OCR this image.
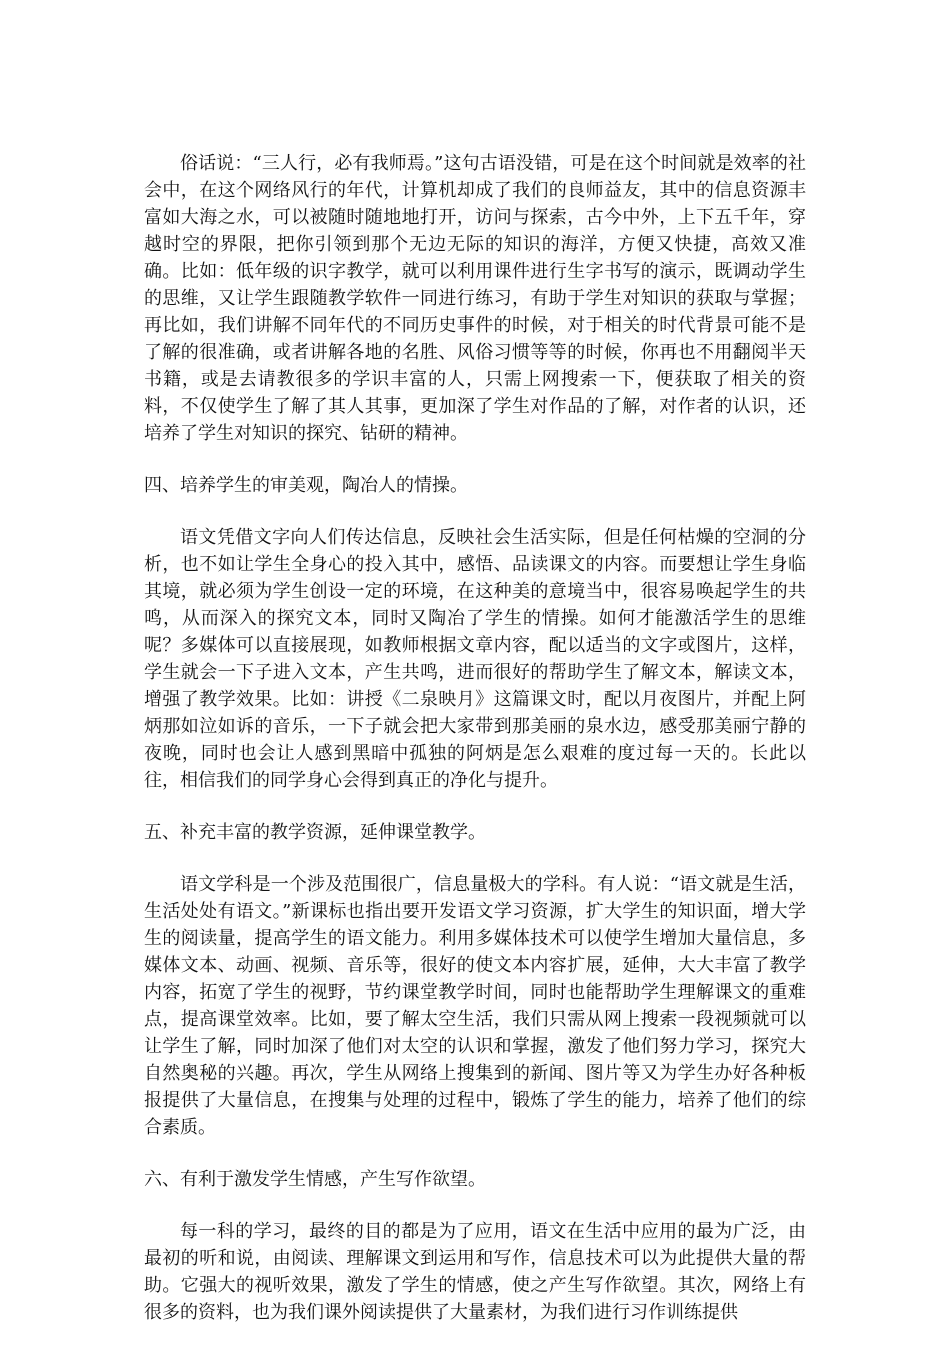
俗话说：“三人行，必有我师焉。”这句古语没错，可是在这个时间就是效率的社会中，在这个网络风行的年代，计算机却成了我们的良师益友，其中的信息资源丰富如大海之水，可以被随时随地地打开，访问与探索，古今中外，上下五千年，穿越时空的界限，把你引领到那个无边无际的知识的海洋，方便又快捷，高效又准确。比如：低年级的识字教学，就可以利用课件进行生字书写的演示，既调动学生的思维，又让学生跟随教学软件一同进行练习，有助于学生对知识的获取与掌握；再比如，我们讲解不同年代的不同历史事件的时候，对于相关的时代背景可能不是了解的很准确，或者讲解各地的名胜、风俗习惯等等的时候，你再也不用翻阅半天书籍，或是去请教很多的学识丰富的人，只需上网搜索一下，便获取了相关的资料，不仅使学生了解了其人其事，更加深了学生对作品的了解，对作者的认识，还培养了学生对知识的探究、钻研的精神。

四、培养学生的审美观，陶冶人的情操。

语文凭借文字向人们传达信息，反映社会生活实际，但是任何枯燥的空洞的分析，也不如让学生全身心的投入其中，感悟、品读课文的内容。而要想让学生身临其境，就必须为学生创设一定的环境，在这种美的意境当中，很容易唤起学生的共鸣，从而深入的探究文本，同时又陶冶了学生的情操。如何才能激活学生的思维呢？多媒体可以直接展现，如教师根据文章内容，配以适当的文字或图片，这样，学生就会一下子进入文本，产生共鸣，进而很好的帮助学生了解文本，解读文本，增强了教学效果。比如：讲授《二泉映月》这篇课文时，配以月夜图片，并配上阿炳那如泣如诉的音乐，一下子就会把大家带到那美丽的泉水边，感受那美丽宁静的夜晚，同时也会让人感到黑暗中孤独的阿炳是怎么艰难的度过每一天的。长此以往，相信我们的同学身心会得到真正的净化与提升。

五、补充丰富的教学资源，延伸课堂教学。

语文学科是一个涉及范围很广，信息量极大的学科。有人说：“语文就是生活，生活处处有语文。”新课标也指出要开发语文学习资源，扩大学生的知识面，增大学生的阅读量，提高学生的语文能力。利用多媒体技术可以使学生增加大量信息，多媒体文本、动画、视频、音乐等，很好的使文本内容扩展，延伸，大大丰富了教学内容，拓宽了学生的视野，节约课堂教学时间，同时也能帮助学生理解课文的重难点，提高课堂效率。比如，要了解太空生活，我们只需从网上搜索一段视频就可以让学生了解，同时加深了他们对太空的认识和掌握，激发了他们努力学习，探究大自然奥秘的兴趣。再次，学生从网络上搜集到的新闻、图片等又为学生办好各种板报提供了大量信息，在搜集与处理的过程中，锻炼了学生的能力，培养了他们的综合素质。

六、有利于激发学生情感，产生写作欲望。

每一科的学习，最终的目的都是为了应用，语文在生活中应用的最为广泛，由最初的听和说，由阅读、理解课文到运用和写作，信息技术可以为此提供大量的帮助。它强大的视听效果，激发了学生的情感，使之产生写作欲望。其次，网络上有很多的资料，也为我们课外阅读提供了大量素材，为我们进行习作训练提供
